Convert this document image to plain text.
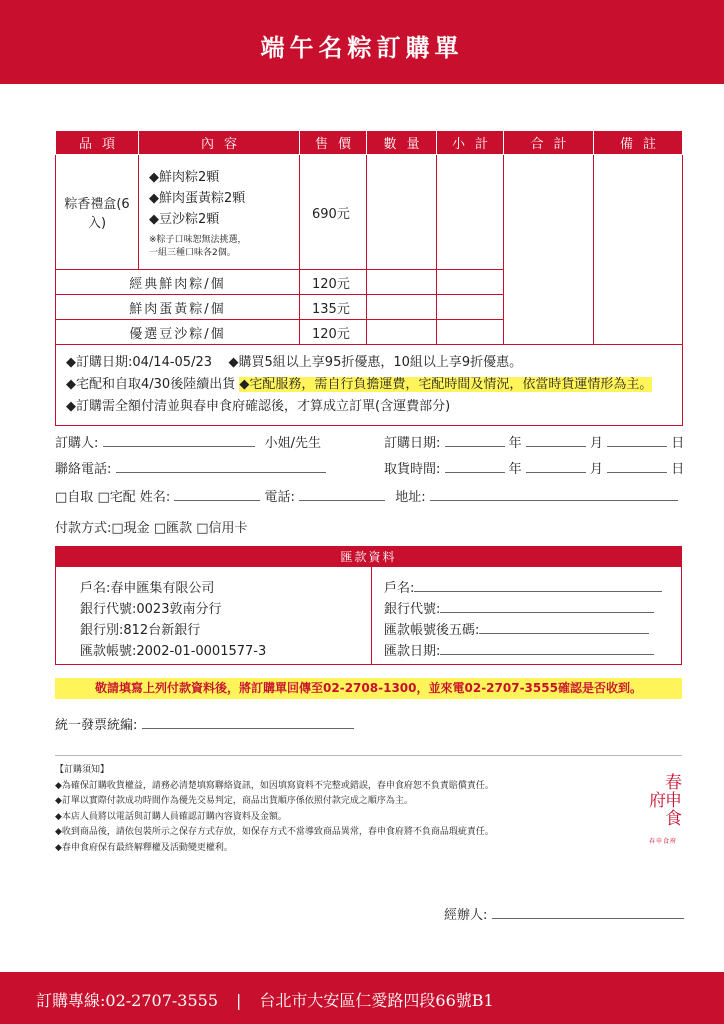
端午名粽訂購單
品項	內容	售價	數量	小計	合計	備註
粽香禮盒(6入)	◆鮮肉粽2顆
◆鮮肉蛋黃粽2顆
◆豆沙粽2顆
※粽子口味恕無法挑選，
一組三種口味各2個。	690元				
經典鮮肉粽/個		120元				
鮮肉蛋黃粽/個		135元				
優選豆沙粽/個		120元				

◆訂購日期:04/14-05/23 ◆購買5組以上享95折優惠，10組以上享9折優惠。
◆宅配和自取4/30後陸續出貨 ◆宅配服務，需自行負擔運費，宅配時間及情況，依當時貨運情形為主。
◆訂購需全額付清並與春申食府確認後，才算成立訂單(含運費部分)						
訂購人:	小姐/先生	訂購日期:	年	月	日
聯絡電話:	取貨時間:	年	月	日
□自取 □宅配 姓名:	電話:	地址:
付款方式:□現金 □匯款 □信用卡
匯款資料
戶名:春申匯集有限公司
銀行代號:0023敦南分行
銀行別:812台新銀行
匯款帳號:2002-01-0001577-3
戶名:
銀行代號:
匯款帳號後五碼:
匯款日期:
敬請填寫上列付款資料後，將訂購單回傳至02-2708-1300，並來電02-2707-3555確認是否收到。
統一發票統編:
【訂購須知】
◆為確保訂購收貨權益，請務必清楚填寫聯絡資訊，如因填寫資料不完整或錯誤，春申食府恕不負責賠償責任。
◆訂單以實際付款成功時間作為優先交易判定，商品出貨順序係依照付款完成之順序為主。
◆本店人員將以電話與訂購人員確認訂購內容資料及金額。
◆收到商品後，請依包裝所示之保存方式存放，如保存方式不當導致商品異常，春申食府將不負商品瑕疵責任。
◆春申食府保有最終解釋權及活動變更權利。
春申食府
春申食府
經辦人:
訂購專線:02-2707-3555 | 台北市大安區仁愛路四段66號B1
